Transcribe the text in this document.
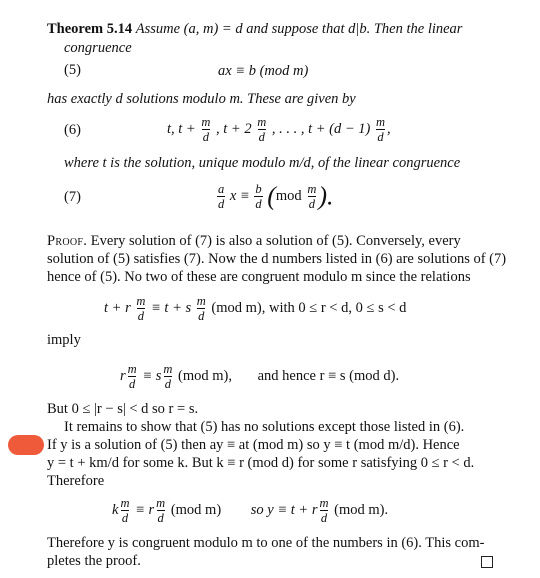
Theorem 5.14 Assume (a, m) = d and suppose that d|b. Then the linear
congruence
(5)	ax ≡ b (mod m)
has exactly d solutions modulo m. These are given by
(6)	t, $t + \frac{m}{d}$ , $t + 2 \frac{m}{d}$ , . . . , $t + (d - 1) \frac{m}{d}$ ,
where t is the solution, unique modulo m/d, of the linear congruence
(7)	$\frac{a}{d}$ $x \equiv \frac{b}{d} (mod \frac{m}{d}$ ).
Proof. Every solution of (7) is also a solution of (5). Conversely, every
solution of (5) satisfies (7). Now the d numbers listed in (6) are solutions of (7)
hence of (5). No two of these are congruent modulo m since the relations
t + r $\frac{m}{d} \equiv t + s \frac{m}{d} (mod$ m), with 0 ≤ r < d, 0 ≤ s < d
imply
r $\frac{m}{d} \equiv s \frac{m}{d} (mod$ m), and hence r ≡ s (mod d).
But 0 ≤ |r − s| < d so r = s.
It remains to show that (5) has no solutions except those listed in (6).
If y is a solution of (5) then ay ≡ at (mod m) so y ≡ t (mod m/d). Hence
y = t + km/d for some k. But k ≡ r (mod d) for some r satisfying 0 ≤ r < d.
Therefore
k $\frac{m}{d} \equiv r \frac{m}{d} (mod$ m) so y ≡ t + r $\frac{m}{d} (mod$ m).
Therefore y is congruent modulo m to one of the numbers in (6). This com-
pletes the proof.
